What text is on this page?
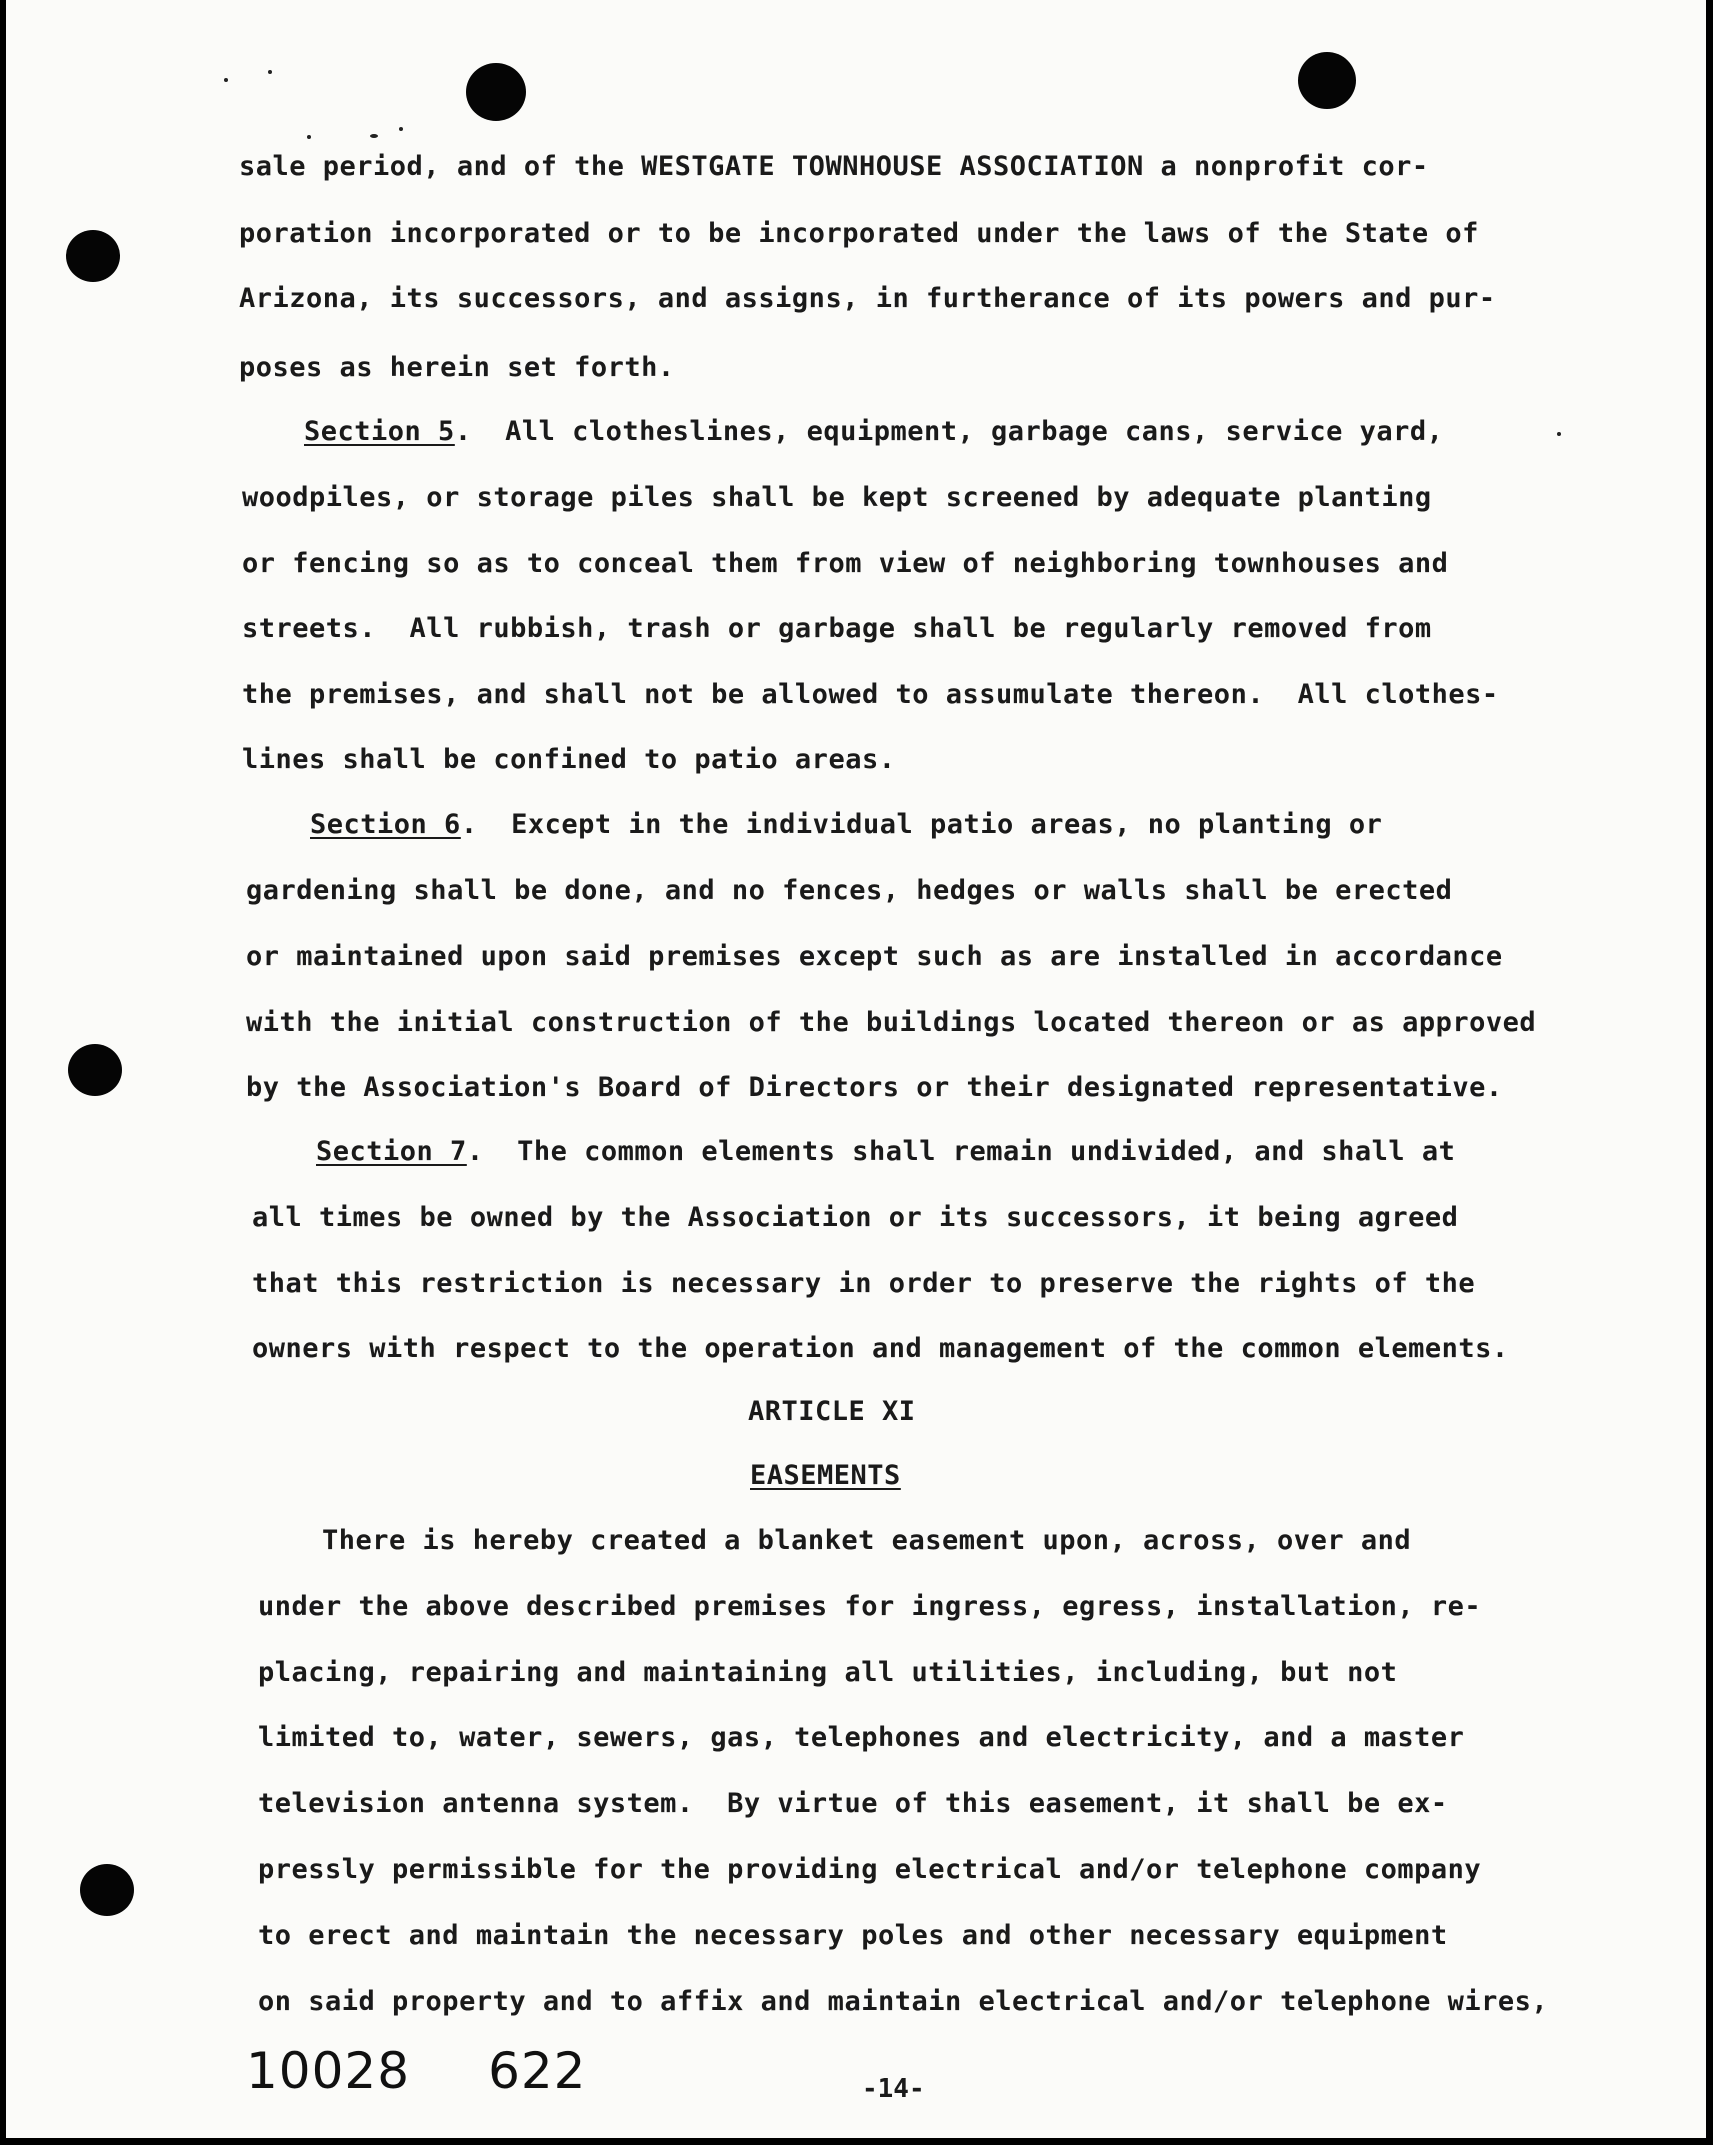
sale period, and of the WESTGATE TOWNHOUSE ASSOCIATION a nonprofit cor-
poration incorporated or to be incorporated under the laws of the State of
Arizona, its successors, and assigns, in furtherance of its powers and pur-
poses as herein set forth.
Section 5.  All clotheslines, equipment, garbage cans, service yard,
woodpiles, or storage piles shall be kept screened by adequate planting
or fencing so as to conceal them from view of neighboring townhouses and
streets.  All rubbish, trash or garbage shall be regularly removed from
the premises, and shall not be allowed to assumulate thereon.  All clothes-
lines shall be confined to patio areas.
Section 6.  Except in the individual patio areas, no planting or
gardening shall be done, and no fences, hedges or walls shall be erected
or maintained upon said premises except such as are installed in accordance
with the initial construction of the buildings located thereon or as approved
by the Association's Board of Directors or their designated representative.
Section 7.  The common elements shall remain undivided, and shall at
all times be owned by the Association or its successors, it being agreed
that this restriction is necessary in order to preserve the rights of the
owners with respect to the operation and management of the common elements.
ARTICLE XI
EASEMENTS
There is hereby created a blanket easement upon, across, over and
under the above described premises for ingress, egress, installation, re-
placing, repairing and maintaining all utilities, including, but not
limited to, water, sewers, gas, telephones and electricity, and a master
television antenna system.  By virtue of this easement, it shall be ex-
pressly permissible for the providing electrical and/or telephone company
to erect and maintain the necessary poles and other necessary equipment
on said property and to affix and maintain electrical and/or telephone wires,
10028 622	-14-
